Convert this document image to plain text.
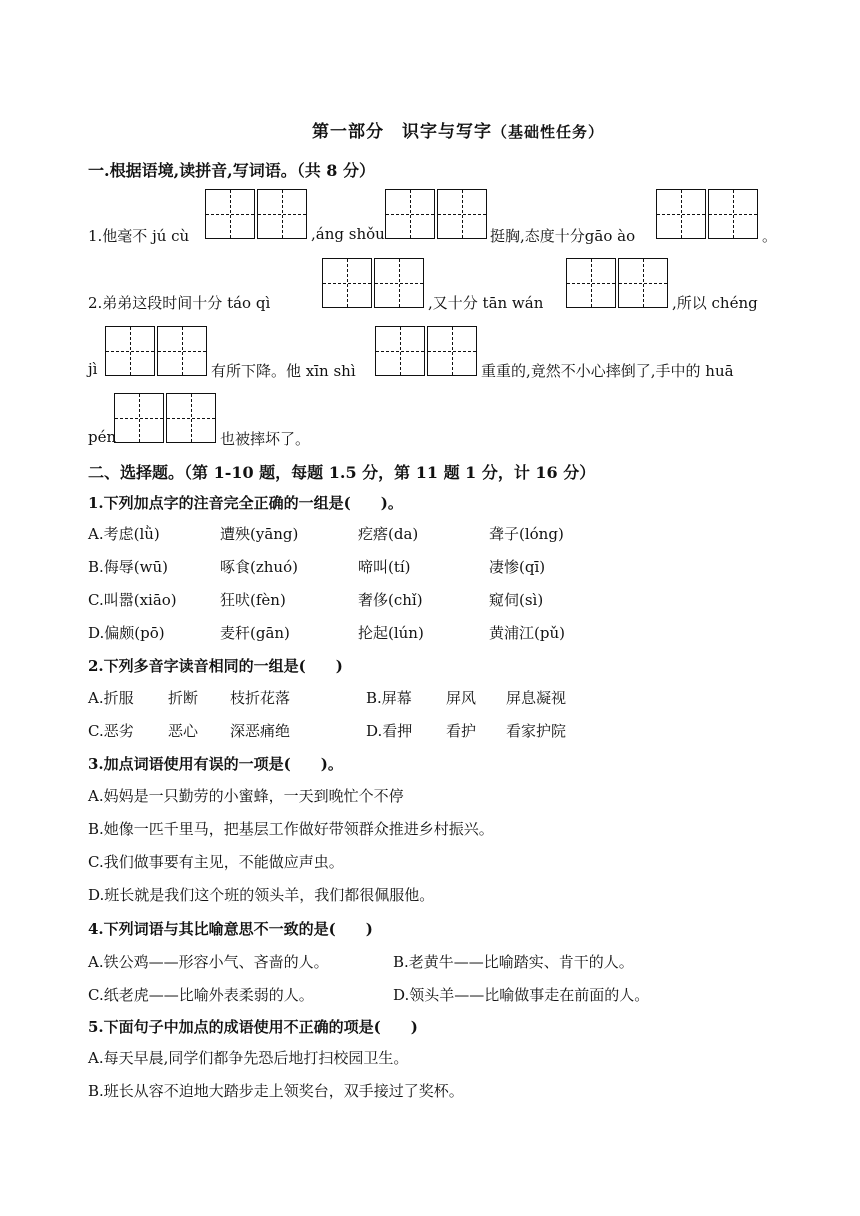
第一部分　识字与写字（基础性任务）
一.根据语境,读拼音,写词语。（共 8 分）
1.他毫不 jú cù	,áng shǒu	挺胸,态度十分gāo ào	。
2.弟弟这段时间十分 táo qì	,又十分 tān wán	,所以 chéng
jì	有所下降。他 xīn shì	重重的,竟然不小心摔倒了,手中的 huā
pén	也被摔坏了。
二、选择题。（第 1-10 题，每题 1.5 分，第 11 题 1 分，计 16 分）
1.下列加点字的注音完全正确的一组是(　　)。
A.考虑(lǜ)	遭殃(yāng)	疙瘩(da)	聋子(lóng)
B.侮辱(wū)	啄食(zhuó)	啼叫(tí)	凄惨(qī)
C.叫嚣(xiāo)	狂吠(fèn)	奢侈(chǐ)	窥伺(sì)
D.偏颇(pō)	麦秆(gān)	抡起(lún)	黄浦江(pǔ)
2.下列多音字读音相同的一组是(　　)
A.折服 折断 枝折花落	B.屏幕 屏风 屏息凝视
C.恶劣 恶心 深恶痛绝	D.看押 看护 看家护院
3.加点词语使用有误的一项是(　　)。
A.妈妈是一只勤劳的小蜜蜂，一天到晚忙个不停
B.她像一匹千里马，把基层工作做好带领群众推进乡村振兴。
C.我们做事要有主见，不能做应声虫。
D.班长就是我们这个班的领头羊，我们都很佩服他。
4.下列词语与其比喻意思不一致的是(　　)
A.铁公鸡——形容小气、吝啬的人。	B.老黄牛——比喻踏实、肯干的人。
C.纸老虎——比喻外表柔弱的人。	D.领头羊——比喻做事走在前面的人。
5.下面句子中加点的成语使用不正确的项是(　　)
A.每天早晨,同学们都争先恐后地打扫校园卫生。
B.班长从容不迫地大踏步走上领奖台，双手接过了奖杯。
